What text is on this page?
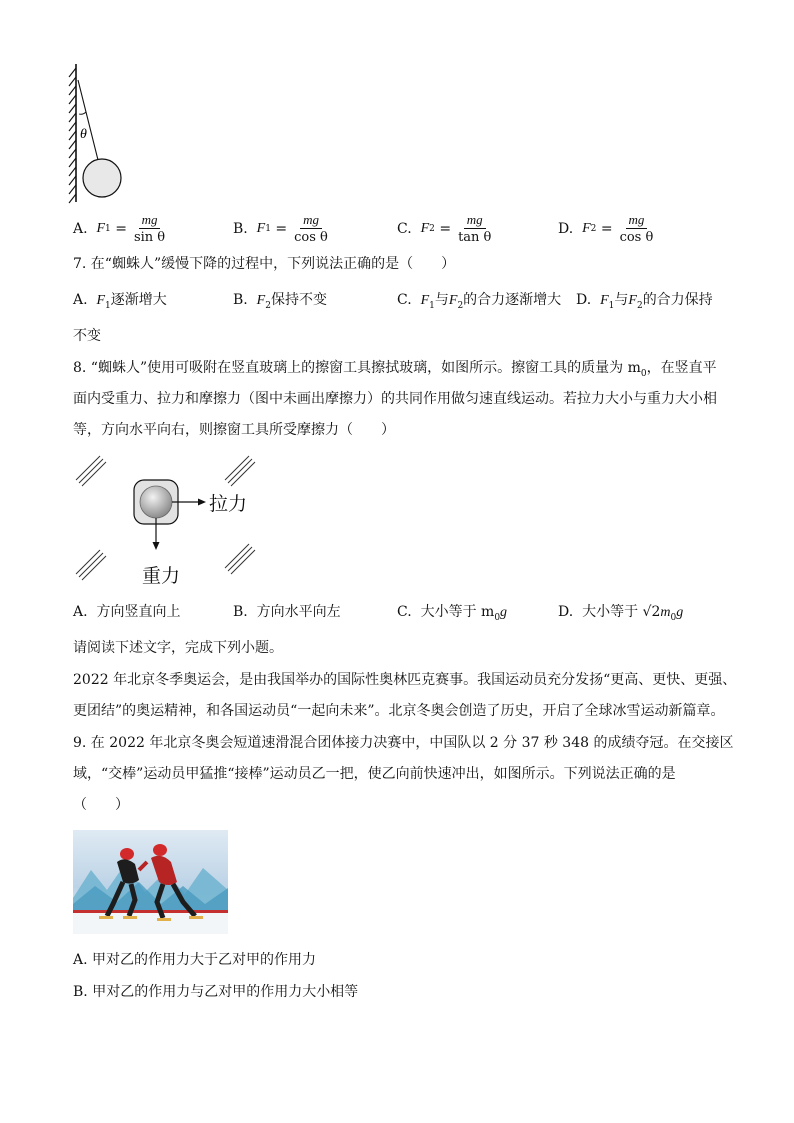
θ
A.
F 1
= $\frac{mg}{\text{sin θ}}$	B.
F 1
= $\frac{mg}{\text{cos θ}}$	C.
F 2
= $\frac{mg}{\text{tan θ}}$	D.
F 2
= $\frac{mg}{\text{cos θ}}$
7. 在“蜘蛛人”缓慢下降的过程中，下列说法正确的是（　　）
A. $F_1$逐渐增大	B. $F_2$保持不变	C. $F_1$与$F_2$的合力逐渐增大 D. $F_1$与$F_2$的合力保持
不变
8. “蜘蛛人”使用可吸附在竖直玻璃上的擦窗工具擦拭玻璃，如图所示。擦窗工具的质量为 $m_0$，在竖直平
面内受重力、拉力和摩擦力（图中未画出摩擦力）的共同作用做匀速直线运动。若拉力大小与重力大小相
等，方向水平向右，则擦窗工具所受摩擦力（　　）
拉力
重力
A. 方向竖直向上	B. 方向水平向左	C. 大小等于 $m_0g$	D. 大小等于 $√2m_0g$
请阅读下述文字，完成下列小题。
2022 年北京冬季奥运会，是由我国举办的国际性奥林匹克赛事。我国运动员充分发扬“更高、更快、更强、
更团结”的奥运精神，和各国运动员“一起向未来”。北京冬奥会创造了历史，开启了全球冰雪运动新篇章。
9. 在 2022 年北京冬奥会短道速滑混合团体接力决赛中，中国队以 2 分 37 秒 348 的成绩夺冠。在交接区
域，“交棒”运动员甲猛推“接棒”运动员乙一把，使乙向前快速冲出，如图所示。下列说法正确的是
（　　）
A. 甲对乙的作用力大于乙对甲的作用力
B. 甲对乙的作用力与乙对甲的作用力大小相等
